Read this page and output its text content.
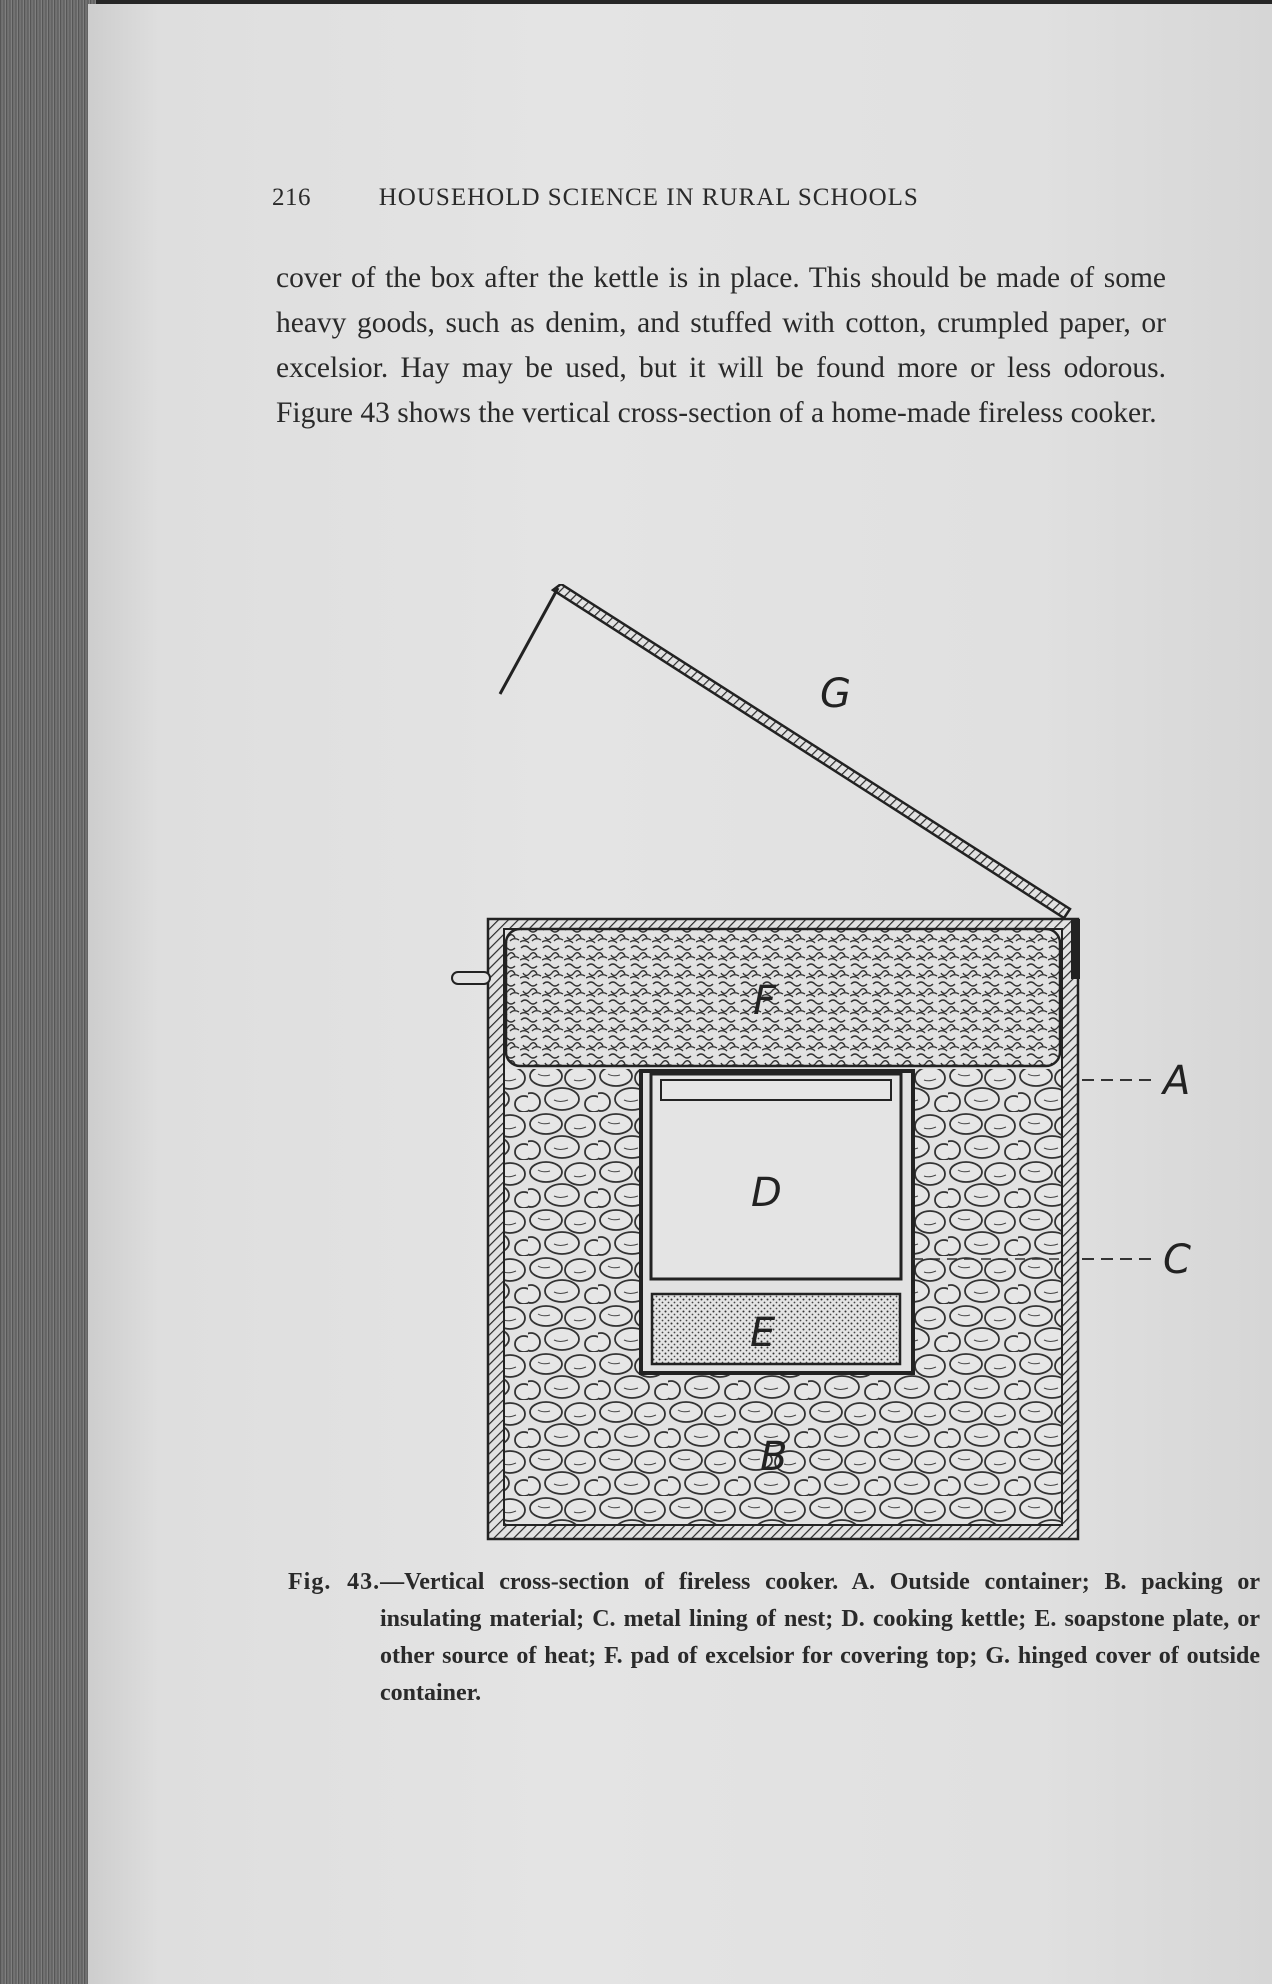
216	HOUSEHOLD SCIENCE IN RURAL SCHOOLS
cover of the box after the kettle is in place. This should be made of some heavy goods, such as denim, and stuffed with cotton, crumpled paper, or excelsior. Hay may be used, but it will be found more or less odorous. Figure 43 shows the vertical cross-section of a home-made fireless cooker.
G
F
D
E
B
A
C
Fig. 43.—Vertical cross-section of fireless cooker. A. Outside container; B. packing or insulating material; C. metal lining of nest; D. cooking kettle; E. soapstone plate, or other source of heat; F. pad of excelsior for covering top; G. hinged cover of outside container.
